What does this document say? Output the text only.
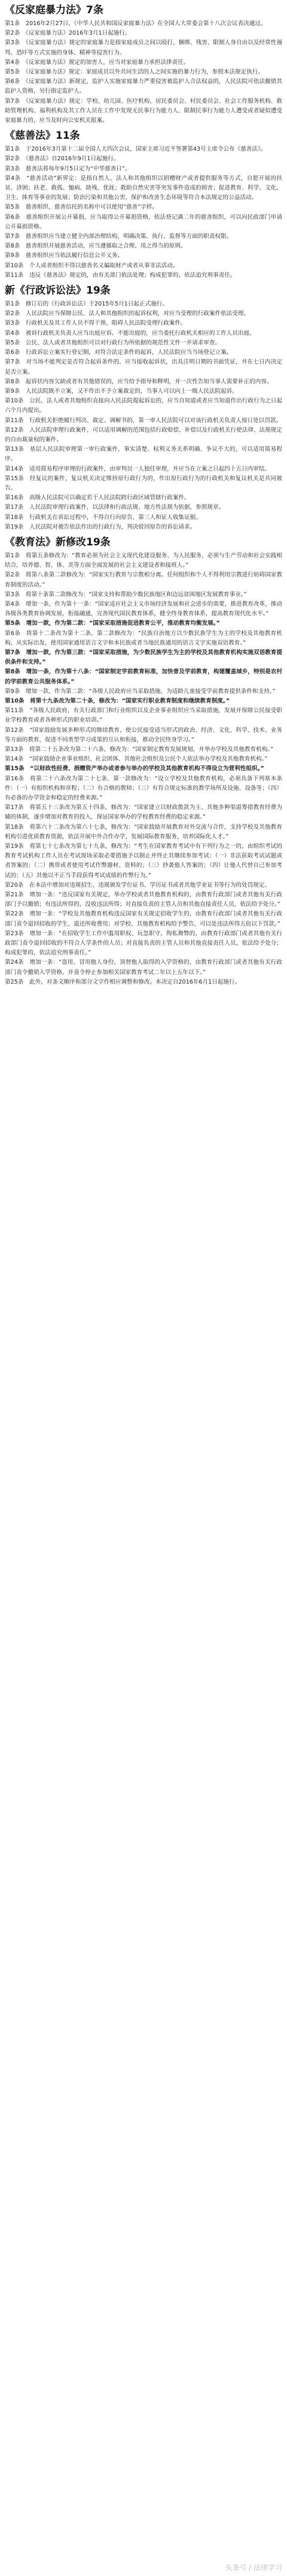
《反家庭暴力法》7条

第1条　2016年2月27日，《中华人民共和国反家庭暴力法》在全国人大常委会第十八次会议表决通过。

第2条　《反家庭暴力法》2016年3月1日起施行。

第3条　《反家庭暴力法》规定的家庭暴力是指家庭成员之间以殴打、捆绑、残害、限制人身自由以及经常性谩骂、恐吓等方式实施的身体、精神等侵害行为。

第4条　《反家庭暴力法》规定的加害人，应当对家庭暴力承担法律责任。

第5条　《反家庭暴力法》规定：家庭成员以外共同生活的人之间实施的暴力行为，参照本法规定执行。

第6条　《反家庭暴力法》新规定，监护人实施家庭暴力严重侵害被监护人合法权益的，人民法院可依法撤销其监护人资格，另行指定监护人。

第7条　《反家庭暴力法》规定：学校、幼儿园、医疗机构、居民委员会、村民委员会、社会工作服务机构、救助管理机构、福利机构及其工作人员在工作中发现无民事行为能力人、限制民事行为能力人遭受或者疑似遭受家庭暴力的，应当及时向公安机关报案。

《慈善法》11条

第1条　于2016年3月第十二届全国人大四次会议，国家主席习近平签署第43号主席令公布《慈善法》。

第2条　《慈善法》自2016年9月1日起施行。

第3条　慈善法将每年9月5日定为“中华慈善日”。

第4条　“慈善活动”新界定：是指自然人、法人和其他组织以捐赠财产或者提供服务等方式，自愿开展的扶贫、济困；扶老、救孤、恤病、助残、优抚；救助自然灾害等突发事件造成的损害；促进教育、科学、文化、卫生、体育等事业的发展；防治污染和其他公害，保护和改善生态环境等符合本法规定的公益活动。

第5条　慈善组织、慈善信托的名称中可以使用“慈善”字样。

第6条　慈善组织开展公开募捐，应当取得公开募捐资格，依法登记满二年的慈善组织，可以向民政部门申请公开募捐资格。

第7条　慈善组织应当建立健全内部治理结构，明确决策、执行、监督等方面的职责权限。

第8条　慈善组织开展慈善活动，应当遵循取之合理、用之得当的原则。

第9条　慈善组织应当依法履行信息公开义务。

第10条　个人或者组织不得以慈善名义骗取财产或者从事非法活动。

第11条　违反《慈善法》规定的，由有关部门依法处理；构成犯罪的，依法追究刑事责任。

新《行政诉讼法》19条

第1条　修订后的《行政诉讼法》于2015年5月1日起正式施行。

第2条　人民法院应当保障公民、法人和其他组织的起诉权利，对应当受理的行政案件依法受理。

第3条　行政机关及其工作人员不得干预、阻碍人民法院受理行政案件。

第4条　被诉行政机关负责人应当出庭应诉。不能出庭的，应当委托行政机关相应的工作人员出庭。

第5条　公民、法人或者其他组织可以对行政行为所依据的规范性文件一并请求审查。

第6条　行政诉讼立案实行登记制，对符合法定条件的起诉，人民法院应当当场登记立案。

第7条　对当场不能判定是否符合起诉条件的，应当接收起诉状，出具注明日期的书面凭证，并在七日内决定是否立案。

第8条　起诉状内容欠缺或者有其他错误的，应当给予指导和释明，并一次性告知当事人需要补正的内容。

第9条　人民法院既不立案，又不作出不予立案裁定的，当事人可以向上一级人民法院起诉。

第10条　公民、法人或者其他组织直接向人民法院提起诉讼的，应当自知道或者应当知道作出行政行为之日起六个月内提出。

第11条　行政机关拒绝履行判决、裁定、调解书的，第一审人民法院可以对该行政机关负责人按日处以罚款。

第12条　人民法院审理行政案件，可以适用调解的范围包括行政赔偿、补偿以及行政机关行使法律、法规规定的自由裁量权的案件。

第13条　基层人民法院审理第一审行政案件，事实清楚、权利义务关系明确、争议不大的，可以适用简易程序。

第14条　适用简易程序审理的行政案件，由审判员一人独任审理，并应当在立案之日起四十五日内审结。

第15条　经复议的案件，复议机关决定维持原行政行为的，作出原行政行为的行政机关和复议机关是共同被告。

第16条　高级人民法院可以确定若干人民法院跨行政区域管辖行政案件。

第17条　人民法院审理行政案件，以法律和行政法规、地方性法规为依据，参照规章。

第18条　行政机关在诉讼过程中，不得自行向原告、第三人和证人收集证据。

第19条　人民法院对被告依法作出的行政行为，判决驳回原告的诉讼请求。

《教育法》新修改19条

第1条　将第五条修改为：“教育必须为社会主义现代化建设服务、为人民服务，必须与生产劳动和社会实践相结合，培养德、智、体、美等方面全面发展的社会主义建设者和接班人。”

第2条　将第八条第二款修改为：“国家实行教育与宗教相分离。任何组织和个人不得利用宗教进行妨碍国家教育制度的活动。”

第3条　将第十条第二款修改为：“国家支持和帮助少数民族地区和边远贫困地区发展教育事业。”

第4条　增加一条，作为第十一条：“国家适应社会主义市场经济发展和社会进步的需要，推进教育改革，推动各级各类教育协调发展、衔接融通，完善现代国民教育体系，健全终身教育体系，提高教育现代化水平。”

第5条　增加一款，作为第二款：“国家采取措施促进教育公平，推动教育均衡发展。”

第6条　将第十二条改为第十二条，第二款修改为：“民族自治地方以少数民族学生为主的学校及其他教育机构，从实际出发，使用国家通用语言文字和本民族或者当地民族通用的语言文字实施双语教育。”

第7条　增加一款，作为第三款：“国家采取措施，为少数民族学生为主的学校及其他教育机构实施双语教育提供条件和支持。”

第8条　增加一条，作为第十八条：“国家制定学前教育标准，加快普及学前教育，构建覆盖城乡，特别是农村的学前教育公共服务体系。”

第9条　增加一款，作为第二款：“各级人民政府应当采取措施，为适龄儿童接受学前教育提供条件和支持。”

第10条　将第十九条改为第二十条，修改为：“国家实行职业教育制度和继续教育制度。”

第11条　“各级人民政府、有关行政部门和行业组织以及企业事业组织应当采取措施，发展并保障公民接受职业学校教育或者各种形式的职业培训。”

第12条　“国家鼓励发展多种形式的继续教育，使公民接受适当形式的政治、经济、文化、科学、技术、业务等方面的教育，促进不同类型学习成果的互认和衔接，推动全民终身学习。”

第13条　将第二十五条改为第二十六条，修改为：“国家制定教育发展规划，并举办学校及其他教育机构。”

第14条　“国家鼓励企业事业组织、社会团体、其他社会组织及公民个人依法举办学校及其他教育机构。”

第15条　“以财政性经费、捐赠资产举办或者参与举办的学校及其他教育机构不得设立为营利性组织。”

第16条　将第二十六条改为第二十七条，第一款修改为：“设立学校及其他教育机构，必须具备下列基本条件：（一）有组织机构和章程；（二）有合格的教师；（三）有符合规定标准的教学场所及设施、设备等；（四）有必备的办学资金和稳定的经费来源。”

第17条　将第五十三条改为第五十四条，修改为：“国家建立以财政拨款为主、其他多种渠道筹措教育经费为辅的体制，逐步增加对教育的投入，保证国家举办的学校教育经费的稳定来源。”

第18条　将第六十二条改为第六十七条，修改为：“国家鼓励开展教育对外交流与合作，支持学校及其他教育机构引进优质教育资源，依法开展中外合作办学，发展国际教育服务，培养国际化人才。”

第19条　将第七十七条改为第七十九条，修改为：“考生在国家教育考试中有下列行为之一的，由组织考试的教育考试机构工作人员在考试现场采取必要措施予以制止并终止其继续参加考试：（一）非法获取考试试题或者答案的；（二）携带或者使用考试作弊器材、资料的；（三）抄袭他人答案的；（四）让他人代替自己参加考试的；（五）其他以不正当手段获得考试成绩的作弊行为。”

第20条　在本法中增加对违规招生、违规颁发学位证书、学历证书或者其他学业证书等行为的处罚规定。

第21条　增加一条：“违反国家有关规定，举办学校或者其他教育机构的，由教育行政部门或者其他有关行政部门予以撤销；有违法所得的，没收违法所得；对直接负责的主管人员和其他直接责任人员，依法给予处分。”

第22条　增加一条：“学校及其他教育机构违反国家有关规定招收学生的，由教育行政部门或者其他有关行政部门责令退回招收的学生，退还所收费用；对学校、其他教育机构给予警告，可以处违法所得五倍以下罚款。”

第23条　增加一条：“在招收学生工作中滥用职权、玩忽职守、徇私舞弊的，由教育行政部门或者其他有关行政部门责令退回招收的不符合入学条件的人员；对直接负责的主管人员和其他直接责任人员，依法给予处分；构成犯罪的，依法追究刑事责任。”

第24条　增加一条：“盗用、冒用他人身份，顶替他人取得的入学资格的，由教育行政部门或者其他有关行政部门责令撤销入学资格，并责令停止参加相关国家教育考试二年以上五年以下。”

第25条　此外，对条文顺序和部分文字作相应调整和修改。本决定自2016年6月1日起施行。

头条号 / 法律学习
